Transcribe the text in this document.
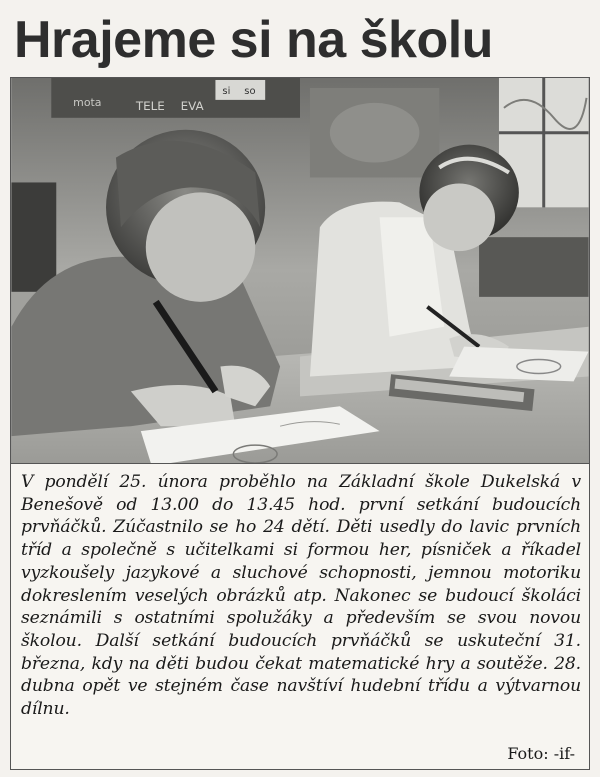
Hrajeme si na školu
mota	TELE EVA
si so

V pondělí 25. února proběhlo na Základní škole Dukelská v Benešově od 13.00 do 13.45 hod. první setkání budoucích prvňáčků. Zúčastnilo se ho 24 dětí. Děti usedly do lavic prvních tříd a společně s učitelkami si formou her, písniček a říkadel vyzkoušely jazykové a sluchové schopnosti, jemnou motoriku dokreslením veselých obrázků atp. Nakonec se budoucí školáci seznámili s ostatními spolužáky a především se svou novou školou. Další setkání budoucích prvňáčků se uskuteční 31. března, kdy na děti budou čekat matematické hry a soutěže. 28. dubna opět ve stejném čase navštíví hudební třídu a výtvarnou dílnu.

Foto: -if-
